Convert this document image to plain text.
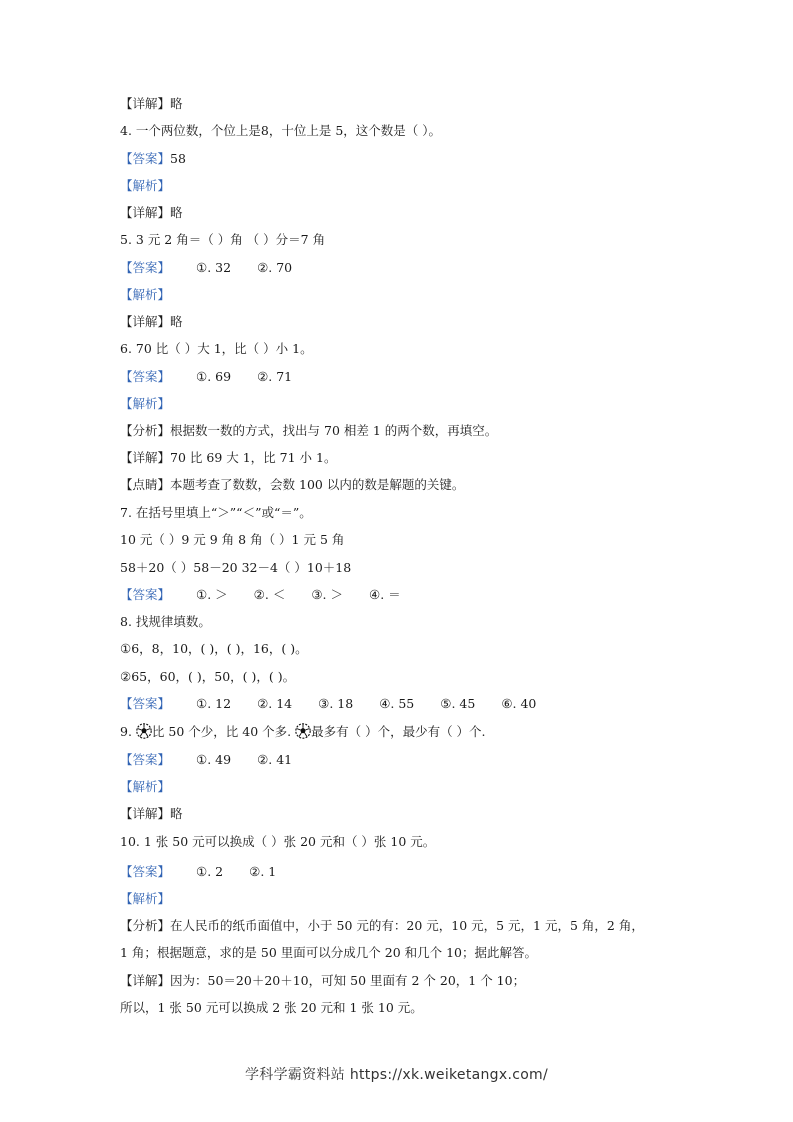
【详解】略
4. 一个两位数，个位上是8，十位上是 5，这个数是（ ）。
【答案】58
【解析】
【详解】略
5. 3 元 2 角＝（ ）角 （ ）分＝7 角
【答案】 ①. 32 ②. 70
【解析】
【详解】略
6. 70 比（ ）大 1，比（ ）小 1。
【答案】 ①. 69 ②. 71
【解析】
【分析】根据数一数的方式，找出与 70 相差 1 的两个数，再填空。
【详解】70 比 69 大 1，比 71 小 1。
【点睛】本题考查了数数，会数 100 以内的数是解题的关键。
7. 在括号里填上“＞”“＜”或“＝”。
10 元（ ）9 元 9 角 8 角（ ）1 元 5 角
58＋20（ ）58－20 32－4（ ）10＋18
【答案】 ①. ＞ ②. ＜ ③. ＞ ④. ＝
8. 找规律填数。
①6，8，10，( )，( )，16，( )。
②65，60，( )，50，( )，( )。
【答案】 ①. 12 ②. 14 ③. 18 ④. 55 ⑤. 45 ⑥. 40
9. 比 50 个少，比 40 个多. 最多有（ ）个，最少有（ ）个.
【答案】 ①. 49 ②. 41
【解析】
【详解】略
10. 1 张 50 元可以换成（ ）张 20 元和（ ）张 10 元。
【答案】 ①. 2 ②. 1
【解析】
【分析】在人民币的纸币面值中，小于 50 元的有：20 元，10 元，5 元，1 元，5 角，2 角，
1 角；根据题意，求的是 50 里面可以分成几个 20 和几个 10；据此解答。
【详解】因为：50＝20＋20＋10，可知 50 里面有 2 个 20，1 个 10；
所以，1 张 50 元可以换成 2 张 20 元和 1 张 10 元。
学科学霸资料站 https://xk.weiketangx.com/
